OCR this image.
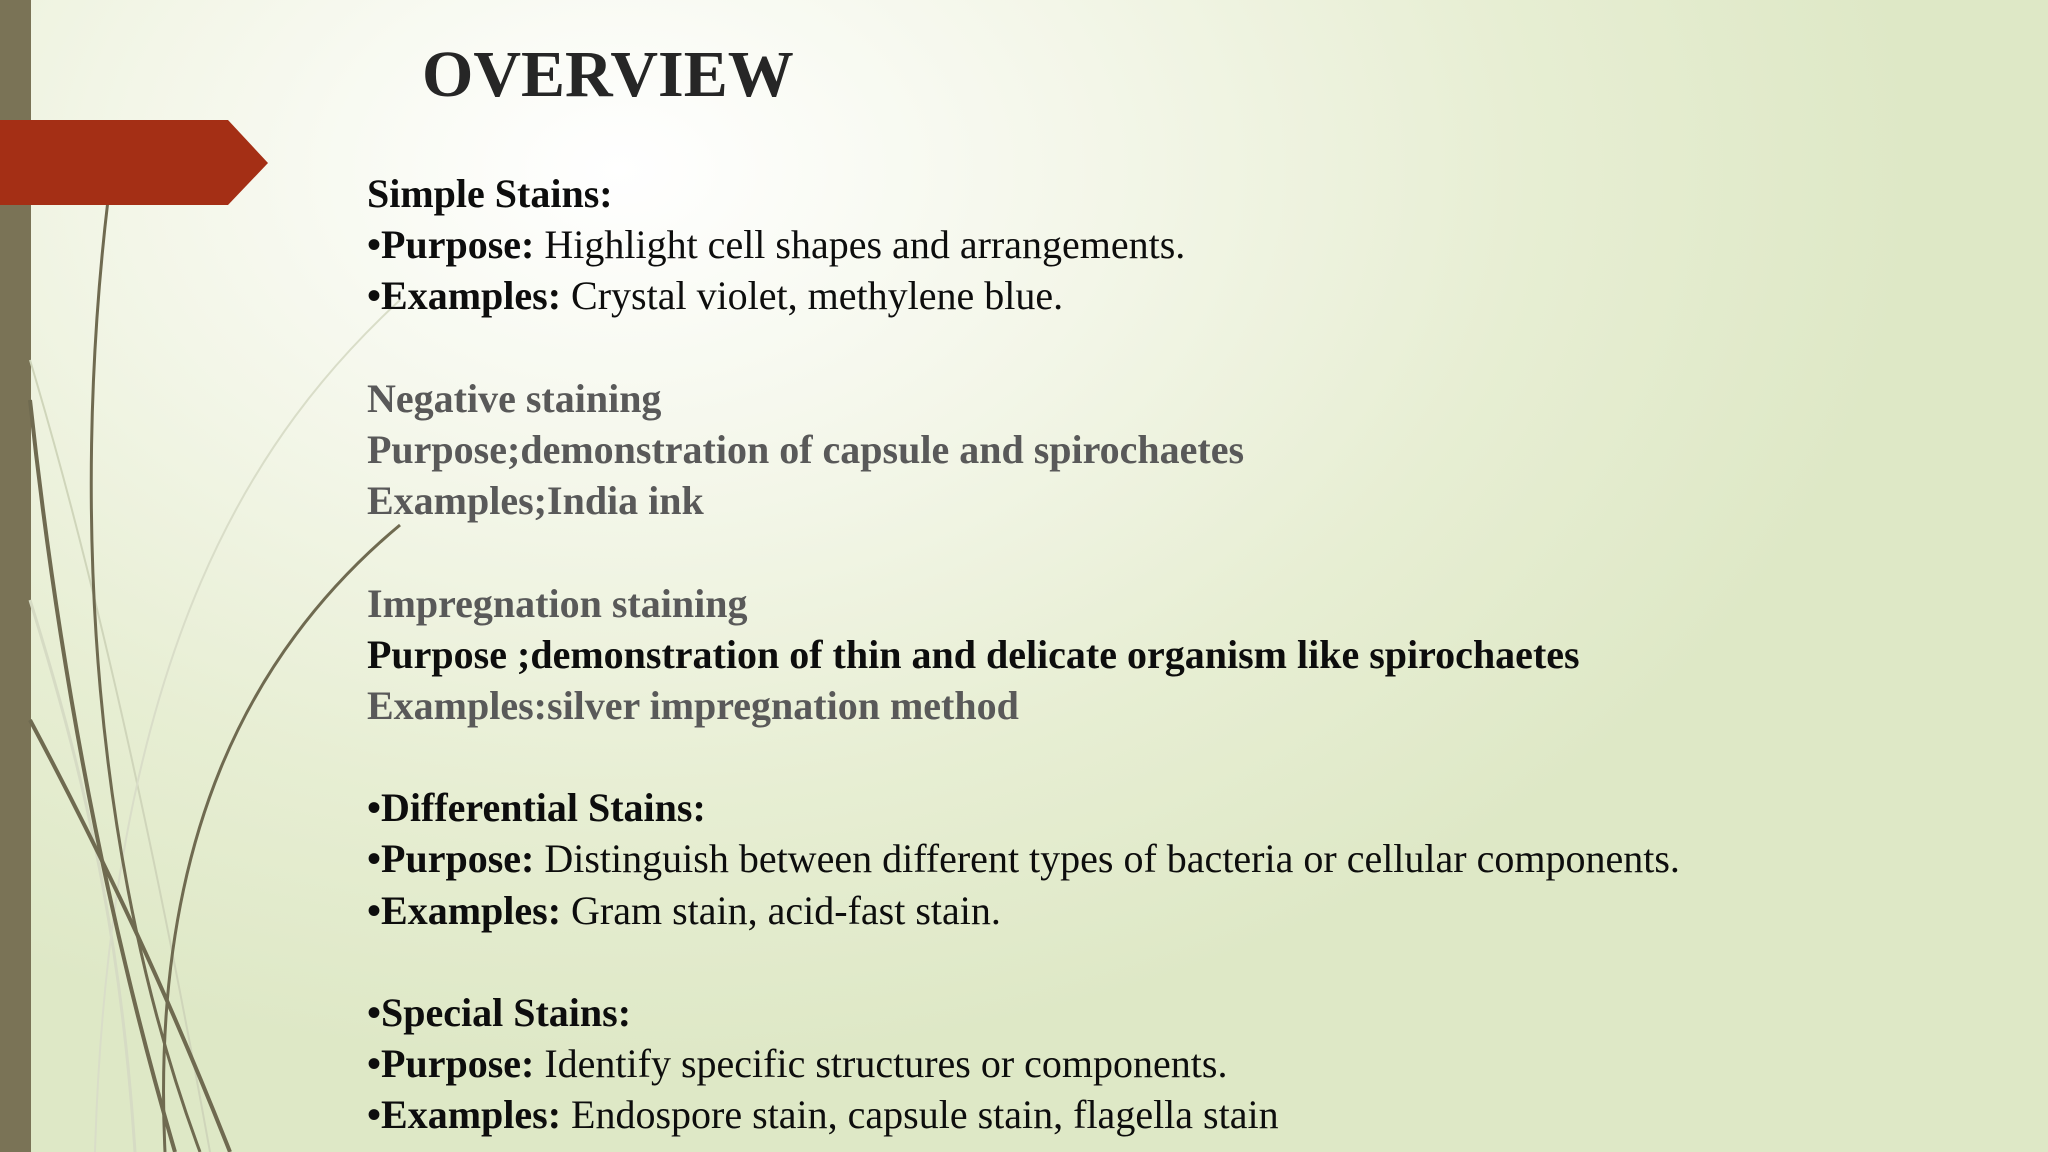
OVERVIEW
Simple Stains:
•Purpose: Highlight cell shapes and arrangements.
•Examples: Crystal violet, methylene blue.
Negative staining
Purpose;demonstration of capsule and spirochaetes
Examples;India ink
Impregnation staining
Purpose ;demonstration of thin and delicate organism like spirochaetes
Examples:silver impregnation method
•Differential Stains:
•Purpose: Distinguish between different types of bacteria or cellular components.
•Examples: Gram stain, acid-fast stain.
•Special Stains:
•Purpose: Identify specific structures or components.
•Examples: Endospore stain, capsule stain, flagella stain
